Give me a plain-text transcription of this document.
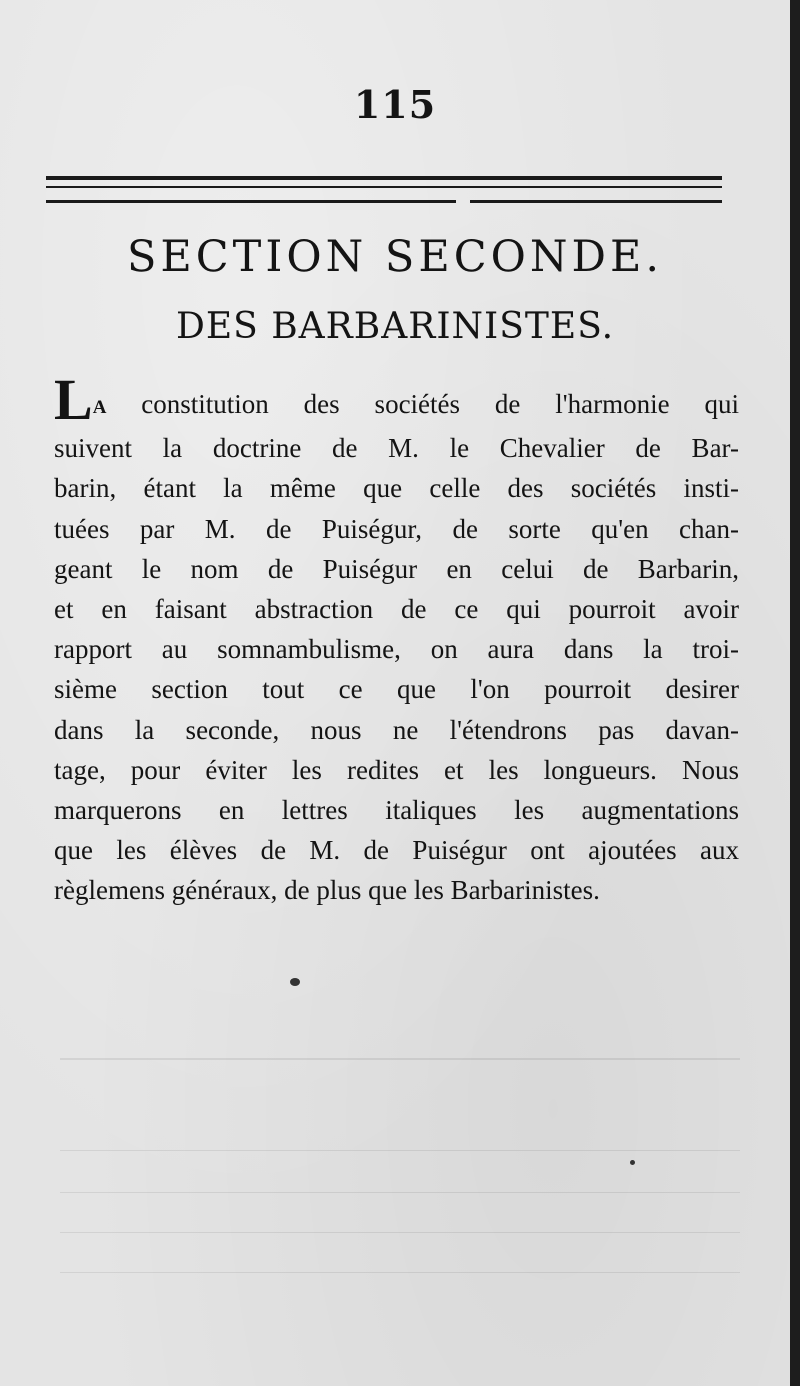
115
SECTION SECONDE.
DES BARBARINISTES.
LA constitution des sociétés de l'harmonie qui
suivent la doctrine de M. le Chevalier de Bar-
barin, étant la même que celle des sociétés insti-
tuées par M. de Puiségur, de sorte qu'en chan-
geant le nom de Puiségur en celui de Barbarin,
et en faisant abstraction de ce qui pourroit avoir
rapport au somnambulisme, on aura dans la troi-
sième section tout ce que l'on pourroit desirer
dans la seconde, nous ne l'étendrons pas davan-
tage, pour éviter les redites et les longueurs. Nous
marquerons en lettres italiques les augmentations
que les élèves de M. de Puiségur ont ajoutées aux
règlemens généraux, de plus que les Barbarinistes.
